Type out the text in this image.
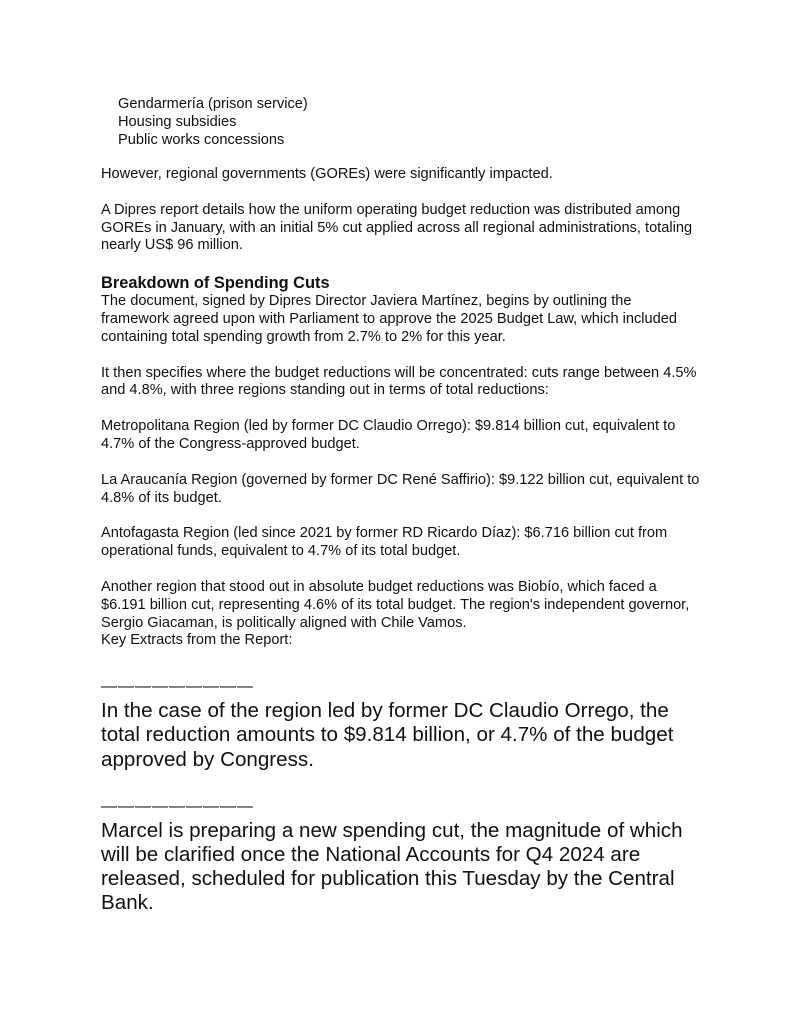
Gendarmería (prison service)
Housing subsidies
Public works concessions

However, regional governments (GOREs) were significantly impacted.

A Dipres report details how the uniform operating budget reduction was distributed among GOREs in January, with an initial 5% cut applied across all regional administrations, totaling nearly US$ 96 million.

Breakdown of Spending Cuts

The document, signed by Dipres Director Javiera Martínez, begins by outlining the framework agreed upon with Parliament to approve the 2025 Budget Law, which included containing total spending growth from 2.7% to 2% for this year.

It then specifies where the budget reductions will be concentrated: cuts range between 4.5% and 4.8%, with three regions standing out in terms of total reductions:

Metropolitana Region (led by former DC Claudio Orrego): $9.814 billion cut, equivalent to 4.7% of the Congress-approved budget.

La Araucanía Region (governed by former DC René Saffirio): $9.122 billion cut, equivalent to 4.8% of its budget.

Antofagasta Region (led since 2021 by former RD Ricardo Díaz): $6.716 billion cut from operational funds, equivalent to 4.7% of its total budget.

Another region that stood out in absolute budget reductions was Biobío, which faced a $6.191 billion cut, representing 4.6% of its total budget. The region's independent governor, Sergio Giacaman, is politically aligned with Chile Vamos.

Key Extracts from the Report:

—————————

In the case of the region led by former DC Claudio Orrego, the total reduction amounts to $9.814 billion, or 4.7% of the budget approved by Congress.

—————————

Marcel is preparing a new spending cut, the magnitude of which will be clarified once the National Accounts for Q4 2024 are released, scheduled for publication this Tuesday by the Central Bank.
